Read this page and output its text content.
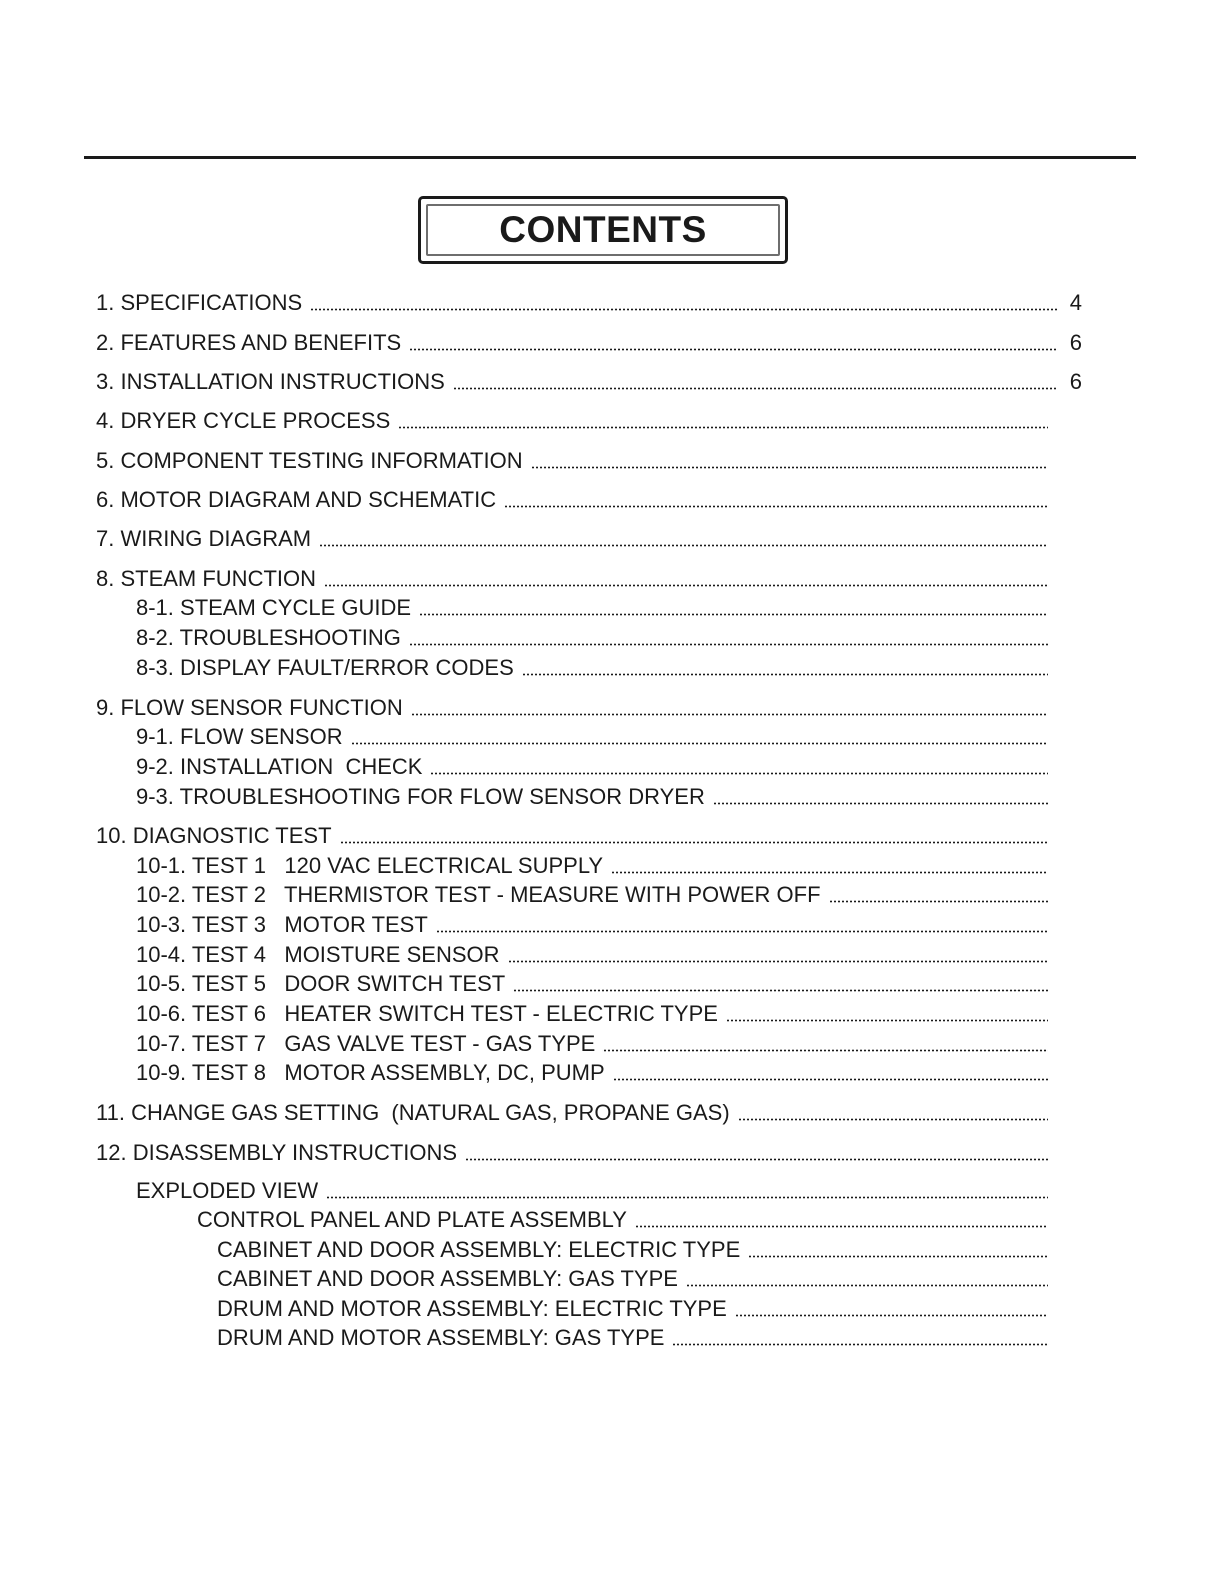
CONTENTS
1. SPECIFICATIONS	4
2. FEATURES AND BENEFITS	6
3. INSTALLATION INSTRUCTIONS	6
4. DRYER CYCLE PROCESS
5. COMPONENT TESTING INFORMATION
6. MOTOR DIAGRAM AND SCHEMATIC
7. WIRING DIAGRAM
8. STEAM FUNCTION
8-1. STEAM CYCLE GUIDE
8-2. TROUBLESHOOTING
8-3. DISPLAY FAULT/ERROR CODES
9. FLOW SENSOR FUNCTION
9-1. FLOW SENSOR
9-2. INSTALLATION  CHECK
9-3. TROUBLESHOOTING FOR FLOW SENSOR DRYER
10. DIAGNOSTIC TEST
10-1. TEST 1   120 VAC ELECTRICAL SUPPLY
10-2. TEST 2   THERMISTOR TEST - MEASURE WITH POWER OFF
10-3. TEST 3   MOTOR TEST
10-4. TEST 4   MOISTURE SENSOR
10-5. TEST 5   DOOR SWITCH TEST
10-6. TEST 6   HEATER SWITCH TEST - ELECTRIC TYPE
10-7. TEST 7   GAS VALVE TEST - GAS TYPE
10-9. TEST 8   MOTOR ASSEMBLY, DC, PUMP
11. CHANGE GAS SETTING  (NATURAL GAS, PROPANE GAS)
12. DISASSEMBLY INSTRUCTIONS
EXPLODED VIEW
CONTROL PANEL AND PLATE ASSEMBLY
CABINET AND DOOR ASSEMBLY: ELECTRIC TYPE
CABINET AND DOOR ASSEMBLY: GAS TYPE
DRUM AND MOTOR ASSEMBLY: ELECTRIC TYPE
DRUM AND MOTOR ASSEMBLY: GAS TYPE
